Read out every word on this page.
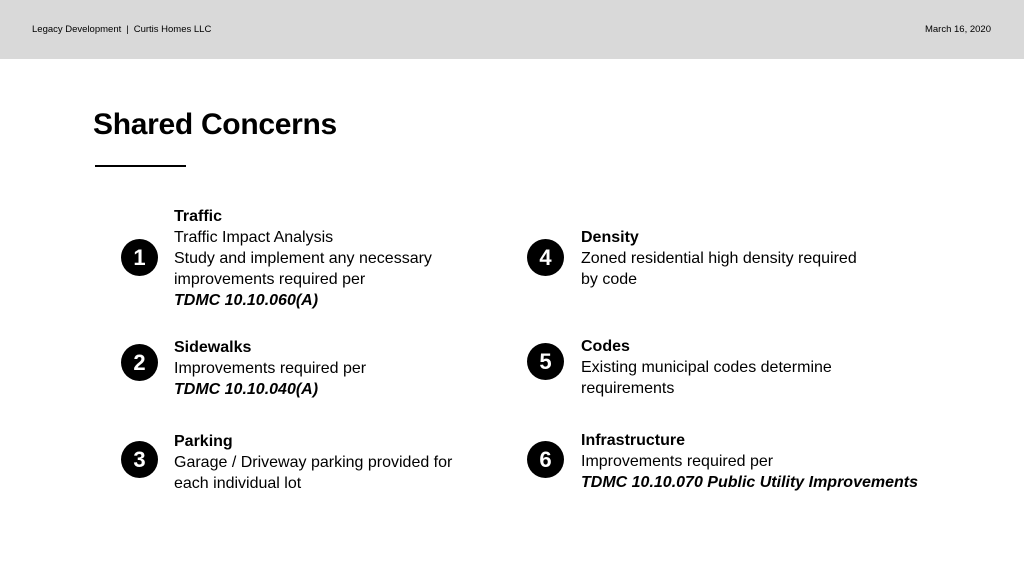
Legacy Development | Curtis Homes LLC	March 16, 2020
Shared Concerns
1
Traffic
Traffic Impact Analysis
Study and implement any necessary
improvements required per
TDMC 10.10.060(A)
2
Sidewalks
Improvements required per
TDMC 10.10.040(A)
3
Parking
Garage / Driveway parking provided for
each individual lot
4
Density
Zoned residential high density required
by code
5
Codes
Existing municipal codes determine
requirements
6
Infrastructure
Improvements required per
TDMC 10.10.070 Public Utility Improvements
